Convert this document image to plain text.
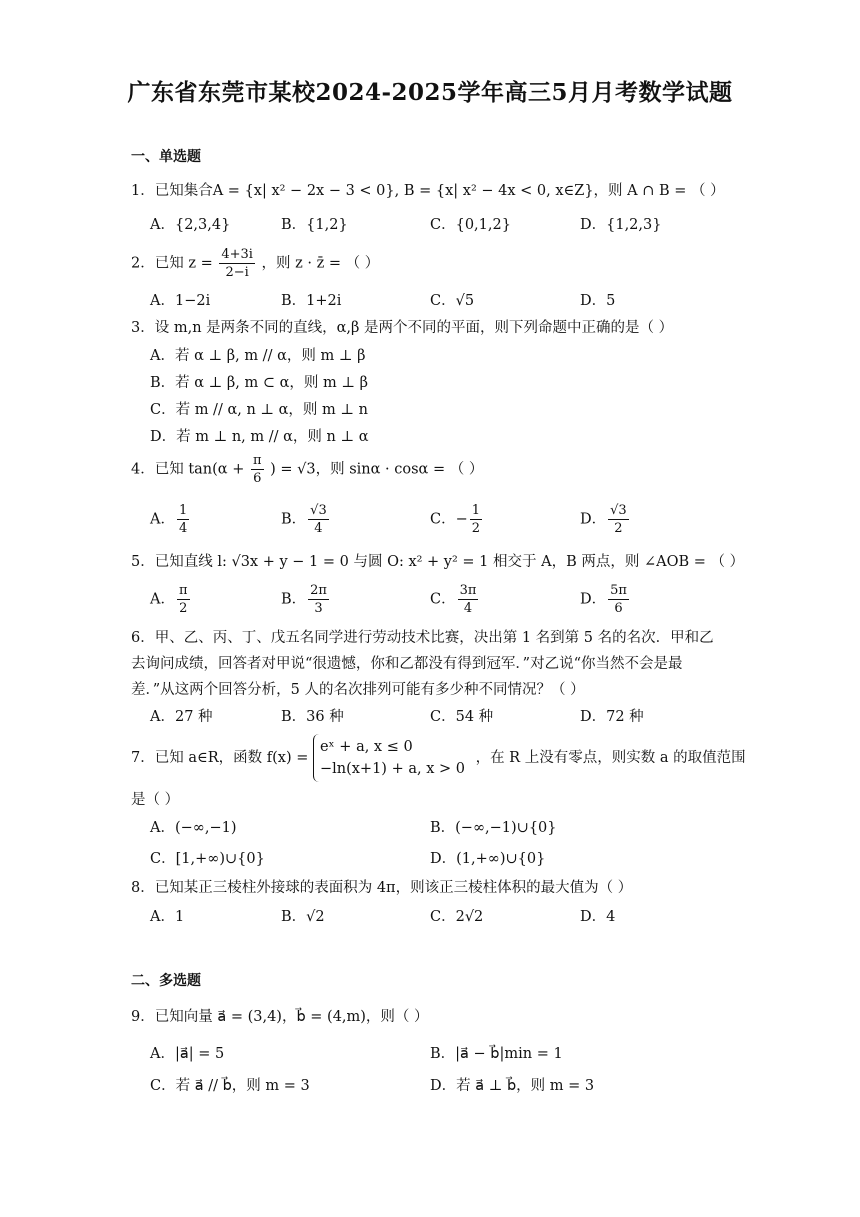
广东省东莞市某校2024-2025学年高三5月月考数学试题
一、单选题
1．已知集合A = {x| x² − 2x − 3 < 0}, B = {x| x² − 4x < 0, x∈Z}，则 A ∩ B = （ ）
A．{2,3,4}	B．{1,2}	C．{0,1,2}	D．{1,2,3}
2．已知 $z = \frac{4+3i}{2-i}$ ，则 z · z̄ = （ ）
A．1−2i	B．1+2i	C．√5	D．5
3．设 m,n 是两条不同的直线，α,β 是两个不同的平面，则下列命题中正确的是（ ）
A．若 α ⊥ β, m // α，则 m ⊥ β
B．若 α ⊥ β, m ⊂ α，则 m ⊥ β
C．若 m // α, n ⊥ α，则 m ⊥ n
D．若 m ⊥ n, m // α，则 n ⊥ α
4．已知 $\tan(\alpha + \frac{\pi}{6}$ ) = √3，则 sinα · cosα = （ ）
A． $\frac{1}{4}$	B． $\frac{√3}{4}$	C．− $\frac{1}{2}$	D． $\frac{√3}{2}$
5．已知直线 l: √3x + y − 1 = 0 与圆 O: x² + y² = 1 相交于 A，B 两点，则 ∠AOB = （ ）
A． $\frac{\pi}{2}$	B． $\frac{2\pi}{3}$	C． $\frac{3\pi}{4}$	D． $\frac{5\pi}{6}$
6．甲、乙、丙、丁、戊五名同学进行劳动技术比赛，决出第 1 名到第 5 名的名次．甲和乙
去询问成绩，回答者对甲说“很遗憾，你和乙都没有得到冠军．”对乙说“你当然不会是最
差．”从这两个回答分析，5 人的名次排列可能有多少种不同情况？（ ）
A．27 种	B．36 种	C．54 种	D．72 种
7．已知 a∈R，函数 f(x) =
eˣ + a, x ≤ 0
−ln(x+1) + a, x > 0
，在 R 上没有零点，则实数 a 的取值范围
是（ ）
A．(−∞,−1)	B．(−∞,−1)∪{0}
C．[1,+∞)∪{0}	D．(1,+∞)∪{0}
8．已知某正三棱柱外接球的表面积为 4π，则该正三棱柱体积的最大值为（ ）
A．1	B．√2	C．2√2	D．4
二、多选题
9．已知向量 a⃗ = (3,4)，b⃗ = (4,m)，则（ ）
A．|a⃗| = 5	B．|a⃗ − b⃗|min = 1
C．若 a⃗ // b⃗，则 m = 3	D．若 a⃗ ⊥ b⃗，则 m = 3
